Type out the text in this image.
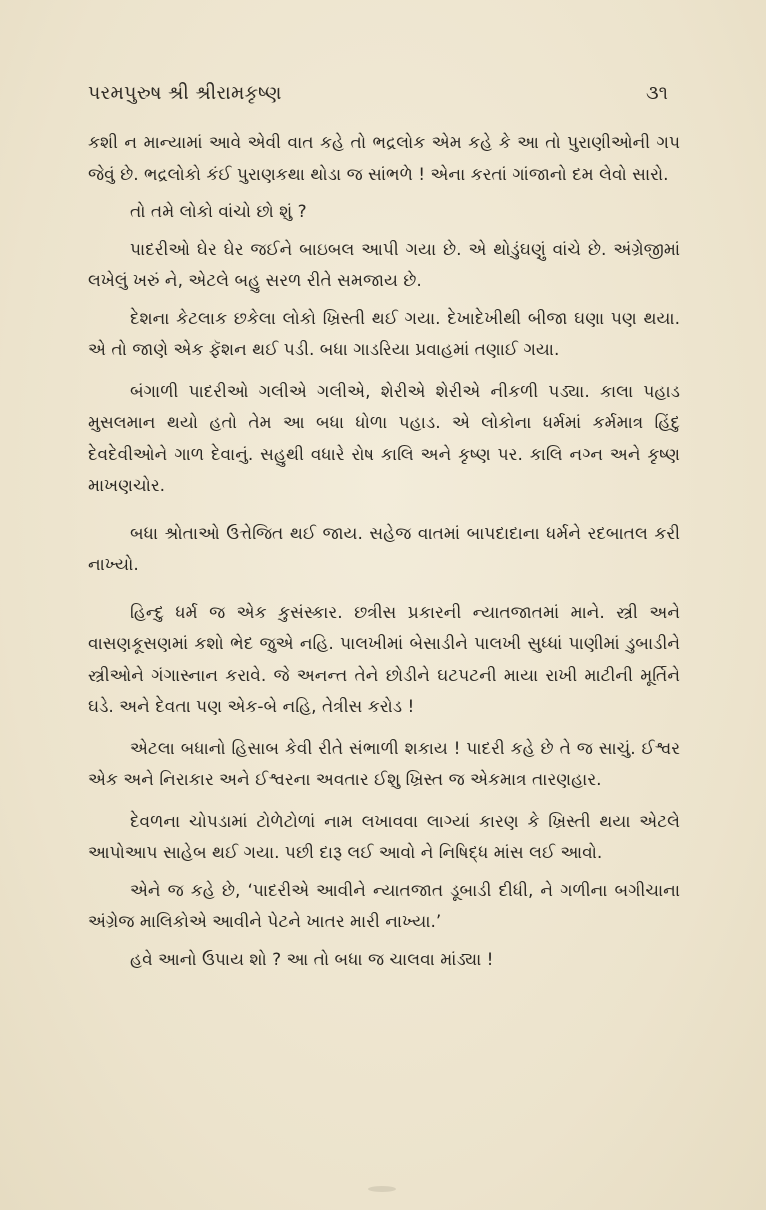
પરમપુરુષ શ્રી શ્રીરામકૃષ્ણ	૩૧

કશી ન માન્યામાં આવે એવી વાત કહે તો ભદ્રલોક એમ કહે કે આ તો પુરાણીઓની ગપ જેવું છે. ભદ્રલોકો કંઈ પુરાણકથા થોડા જ સાંભળે ! એના કરતાં ગાંજાનો દમ લેવો સારો.

તો તમે લોકો વાંચો છો શું ?

પાદરીઓ ઘેર ઘેર જઈને બાઇબલ આપી ગયા છે. એ થોડુંઘણું વાંચે છે. અંગ્રેજીમાં લખેલું ખરું ને, એટલે બહુ સરળ રીતે સમજાય છે.

દેશના કેટલાક છકેલા લોકો ખ્રિસ્તી થઈ ગયા. દેખાદેખીથી બીજા ઘણા પણ થયા. એ તો જાણે એક ફૅશન થઈ પડી. બધા ગાડરિયા પ્રવાહમાં તણાઈ ગયા.

બંગાળી પાદરીઓ ગલીએ ગલીએ, શેરીએ શેરીએ નીકળી પડ્યા. કાલા પહાડ મુસલમાન થયો હતો તેમ આ બધા ધોળા પહાડ. એ લોકોના ધર્મમાં કર્મમાત્ર હિંદુ દેવદેવીઓને ગાળ દેવાનું. સહુથી વધારે રોષ કાલિ અને કૃષ્ણ પર. કાલિ નગ્ન અને કૃષ્ણ માખણચોર.

બધા શ્રોતાઓ ઉત્તેજિત થઈ જાય. સહેજ વાતમાં બાપદાદાના ધર્મને રદબાતલ કરી નાખ્યો.

હિન્દુ ધર્મ જ એક કુસંસ્કાર. છત્રીસ પ્રકારની ન્યાતજાતમાં માને. સ્ત્રી અને વાસણકૂસણમાં કશો ભેદ જુએ નહિ. પાલખીમાં બેસાડીને પાલખી સુધ્ધાં પાણીમાં ડુબાડીને સ્ત્રીઓને ગંગાસ્નાન કરાવે. જે અનન્ત તેને છોડીને ઘટપટની માયા રાખી માટીની મૂર્તિને ઘડે. અને દેવતા પણ એક-બે નહિ, તેત્રીસ કરોડ !

એટલા બધાનો હિસાબ કેવી રીતે સંભાળી શકાય ! પાદરી કહે છે તે જ સાચું. ઈશ્વર એક અને નિરાકાર અને ઈશ્વરના અવતાર ઈશુ ખ્રિસ્ત જ એકમાત્ર તારણહાર.

દેવળના ચોપડામાં ટોળેટોળાં નામ લખાવવા લાગ્યાં કારણ કે ખ્રિસ્તી થયા એટલે આપોઆપ સાહેબ થઈ ગયા. પછી દારૂ લઈ આવો ને નિષિદ્ધ માંસ લઈ આવો.

એને જ કહે છે, ‘પાદરીએ આવીને ન્યાતજાત ડૂબાડી દીધી, ને ગળીના બગીચાના અંગ્રેજ માલિકોએ આવીને પેટને ખાતર મારી નાખ્યા.’

હવે આનો ઉપાય શો ? આ તો બધા જ ચાલવા માંડ્યા !
